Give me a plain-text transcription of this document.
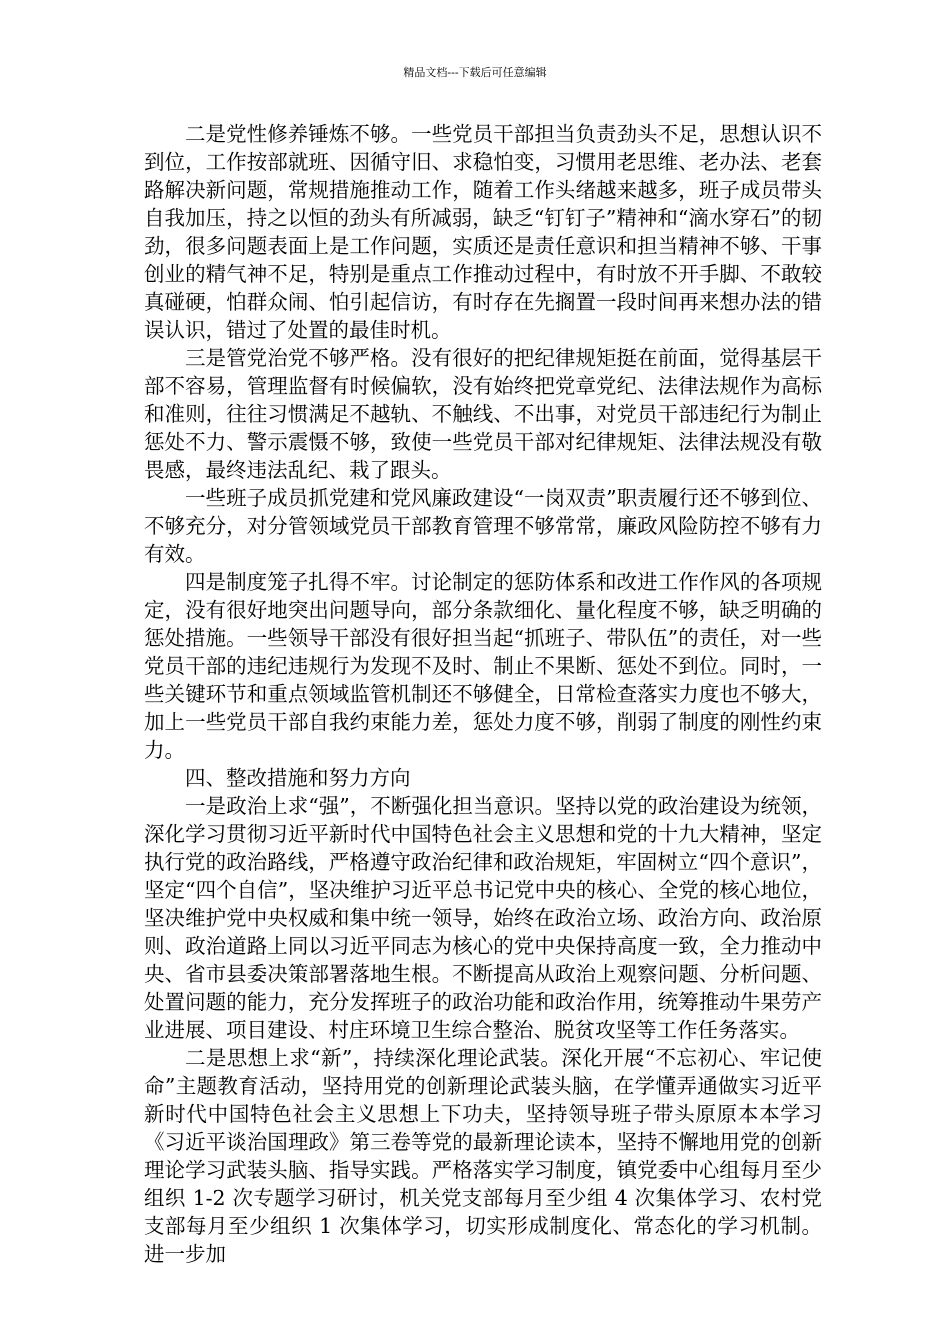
精品文档---下载后可任意编辑

二是党性修养锤炼不够。一些党员干部担当负责劲头不足，思想认识不到位，工作按部就班、因循守旧、求稳怕变，习惯用老思维、老办法、老套路解决新问题，常规措施推动工作，随着工作头绪越来越多，班子成员带头自我加压，持之以恒的劲头有所减弱，缺乏“钉钉子”精神和“滴水穿石”的韧劲，很多问题表面上是工作问题，实质还是责任意识和担当精神不够、干事创业的精气神不足，特别是重点工作推动过程中，有时放不开手脚、不敢较真碰硬，怕群众闹、怕引起信访，有时存在先搁置一段时间再来想办法的错误认识，错过了处置的最佳时机。

三是管党治党不够严格。没有很好的把纪律规矩挺在前面，觉得基层干部不容易，管理监督有时候偏软，没有始终把党章党纪、法律法规作为高标和准则，往往习惯满足不越轨、不触线、不出事，对党员干部违纪行为制止惩处不力、警示震慑不够，致使一些党员干部对纪律规矩、法律法规没有敬畏感，最终违法乱纪、栽了跟头。

一些班子成员抓党建和党风廉政建设“一岗双责”职责履行还不够到位、不够充分，对分管领域党员干部教育管理不够常常，廉政风险防控不够有力有效。

四是制度笼子扎得不牢。讨论制定的惩防体系和改进工作作风的各项规定，没有很好地突出问题导向，部分条款细化、量化程度不够，缺乏明确的惩处措施。一些领导干部没有很好担当起“抓班子、带队伍”的责任，对一些党员干部的违纪违规行为发现不及时、制止不果断、惩处不到位。同时，一些关键环节和重点领域监管机制还不够健全，日常检查落实力度也不够大，加上一些党员干部自我约束能力差，惩处力度不够，削弱了制度的刚性约束力。

四、整改措施和努力方向

一是政治上求“强”，不断强化担当意识。坚持以党的政治建设为统领，深化学习贯彻习近平新时代中国特色社会主义思想和党的十九大精神，坚定执行党的政治路线，严格遵守政治纪律和政治规矩，牢固树立“四个意识”，坚定“四个自信”，坚决维护习近平总书记党中央的核心、全党的核心地位，坚决维护党中央权威和集中统一领导，始终在政治立场、政治方向、政治原则、政治道路上同以习近平同志为核心的党中央保持高度一致，全力推动中央、省市县委决策部署落地生根。不断提高从政治上观察问题、分析问题、处置问题的能力，充分发挥班子的政治功能和政治作用，统筹推动牛果劳产业进展、项目建设、村庄环境卫生综合整治、脱贫攻坚等工作任务落实。

二是思想上求“新”，持续深化理论武装。深化开展“不忘初心、牢记使命”主题教育活动，坚持用党的创新理论武装头脑，在学懂弄通做实习近平新时代中国特色社会主义思想上下功夫，坚持领导班子带头原原本本学习《习近平谈治国理政》第三卷等党的最新理论读本，坚持不懈地用党的创新理论学习武装头脑、指导实践。严格落实学习制度，镇党委中心组每月至少组织 1-2 次专题学习研讨，机关党支部每月至少组 4 次集体学习、农村党支部每月至少组织 1 次集体学习，切实形成制度化、常态化的学习机制。进一步加
